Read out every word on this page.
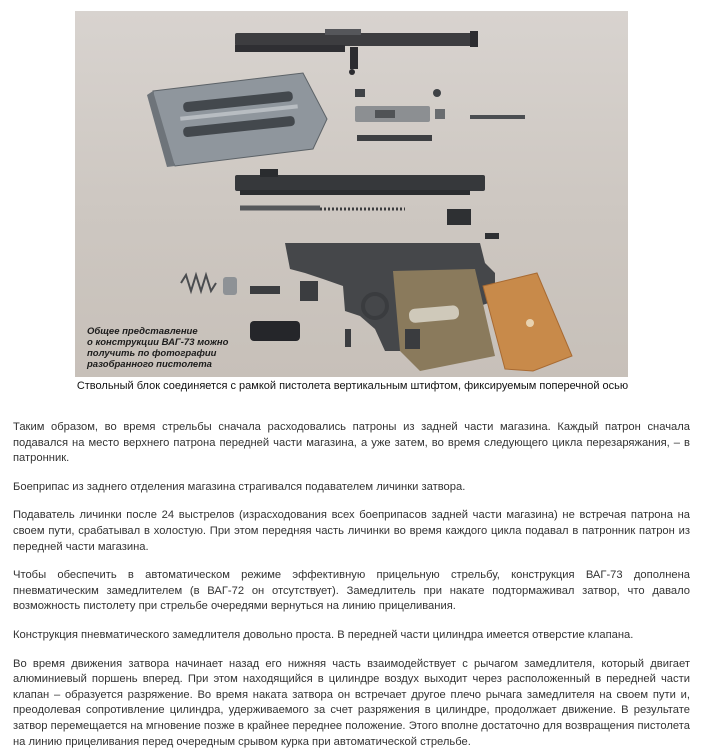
Общее представление
о конструкции ВАГ-73 можно
получить по фотографии
разобранного пистолета
Ствольный блок соединяется с рамкой пистолета вертикальным штифтом, фиксируемым поперечной осью

Таким образом, во время стрельбы сначала расходовались патроны из задней части магазина. Каждый патрон сначала подавался на место верхнего патрона передней части магазина, а уже затем, во время следующего цикла перезаряжания, – в патронник.

Боеприпас из заднего отделения магазина страгивался подавателем личинки затвора.

Подаватель личинки после 24 выстрелов (израсходования всех боеприпасов задней части магазина) не встречая патрона на своем пути, срабатывал в холостую. При этом передняя часть личинки во время каждого цикла подавал в патронник патрон из передней части магазина.

Чтобы обеспечить в автоматическом режиме эффективную прицельную стрельбу, конструкция ВАГ-73 дополнена пневматическим замедлителем (в ВАГ-72 он отсутствует). Замедлитель при накате подтормаживал затвор, что давало возможность пистолету при стрельбе очередями вернуться на линию прицеливания.

Конструкция пневматического замедлителя довольно проста. В передней части цилиндра имеется отверстие клапана.

Во время движения затвора начинает назад его нижняя часть взаимодействует с рычагом замедлителя, который двигает алюминиевый поршень вперед. При этом находящийся в цилиндре воздух выходит через расположенный в передней части клапан – образуется разряжение. Во время наката затвора он встречает другое плечо рычага замедлителя на своем пути и, преодолевая сопротивление цилиндра, удерживаемого за счет разряжения в цилиндре, продолжает движение. В результате затвор перемещается на мгновение позже в крайнее переднее положение. Этого вполне достаточно для возвращения пистолета на линию прицеливания перед очередным срывом курка при автоматической стрельбе.
